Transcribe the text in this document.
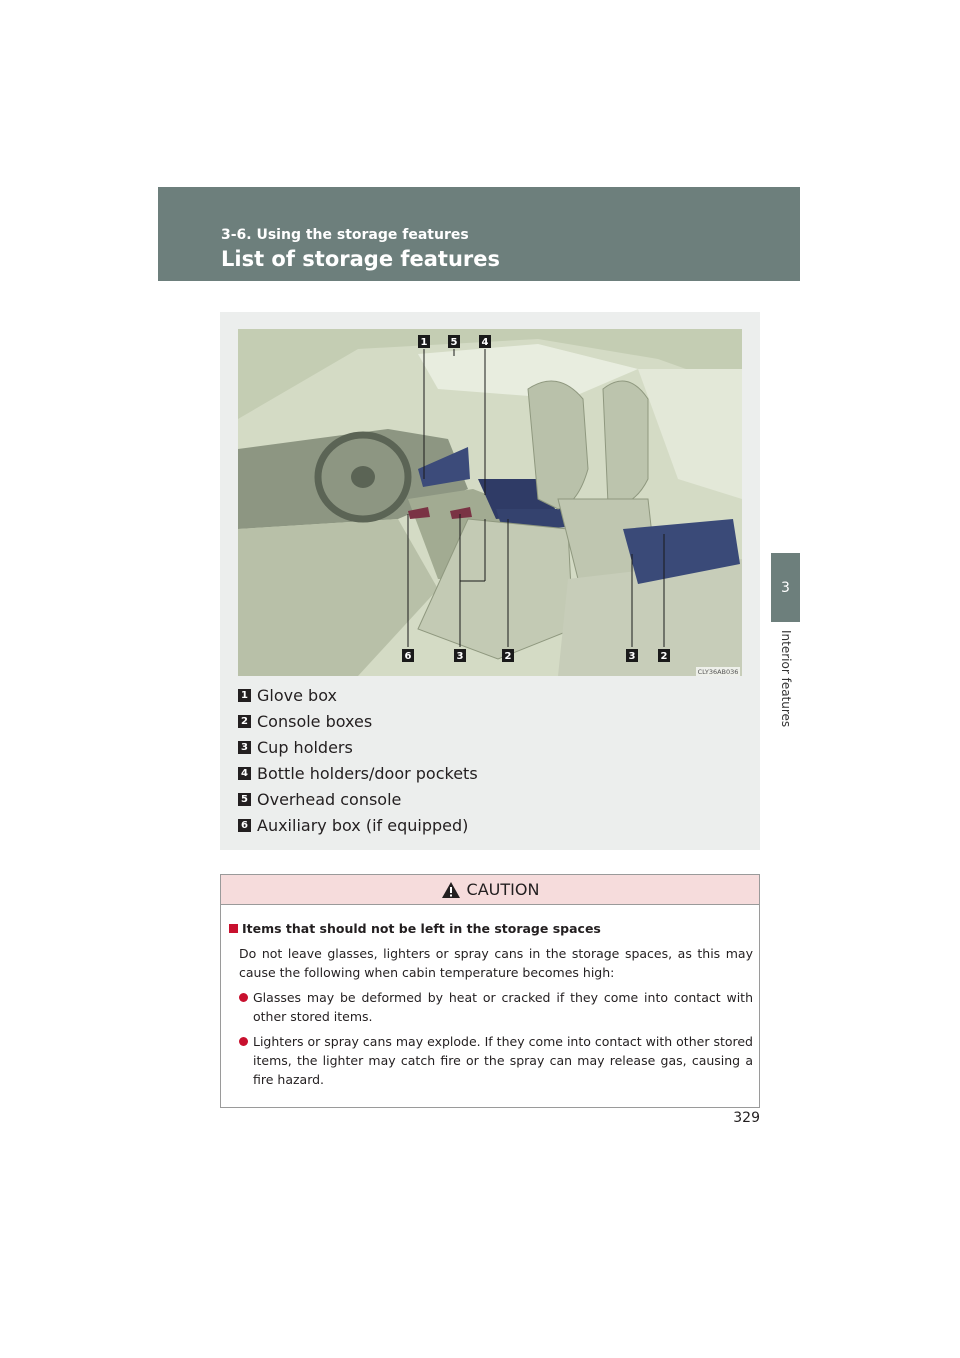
3-6. Using the storage features
List of storage features
3
Interior features
1 5 4
6	3	2	3	2
CLY36AB036
1 Glove box
2 Console boxes
3 Cup holders
4 Bottle holders/door pockets
5 Overhead console
6 Auxiliary box (if equipped)
CAUTION
Items that should not be left in the storage spaces
Do not leave glasses, lighters or spray cans in the storage spaces, as this may cause the following when cabin temperature becomes high:
Glasses may be deformed by heat or cracked if they come into contact with other stored items.
Lighters or spray cans may explode. If they come into contact with other stored items, the lighter may catch fire or the spray can may release gas, causing a fire hazard.
329
